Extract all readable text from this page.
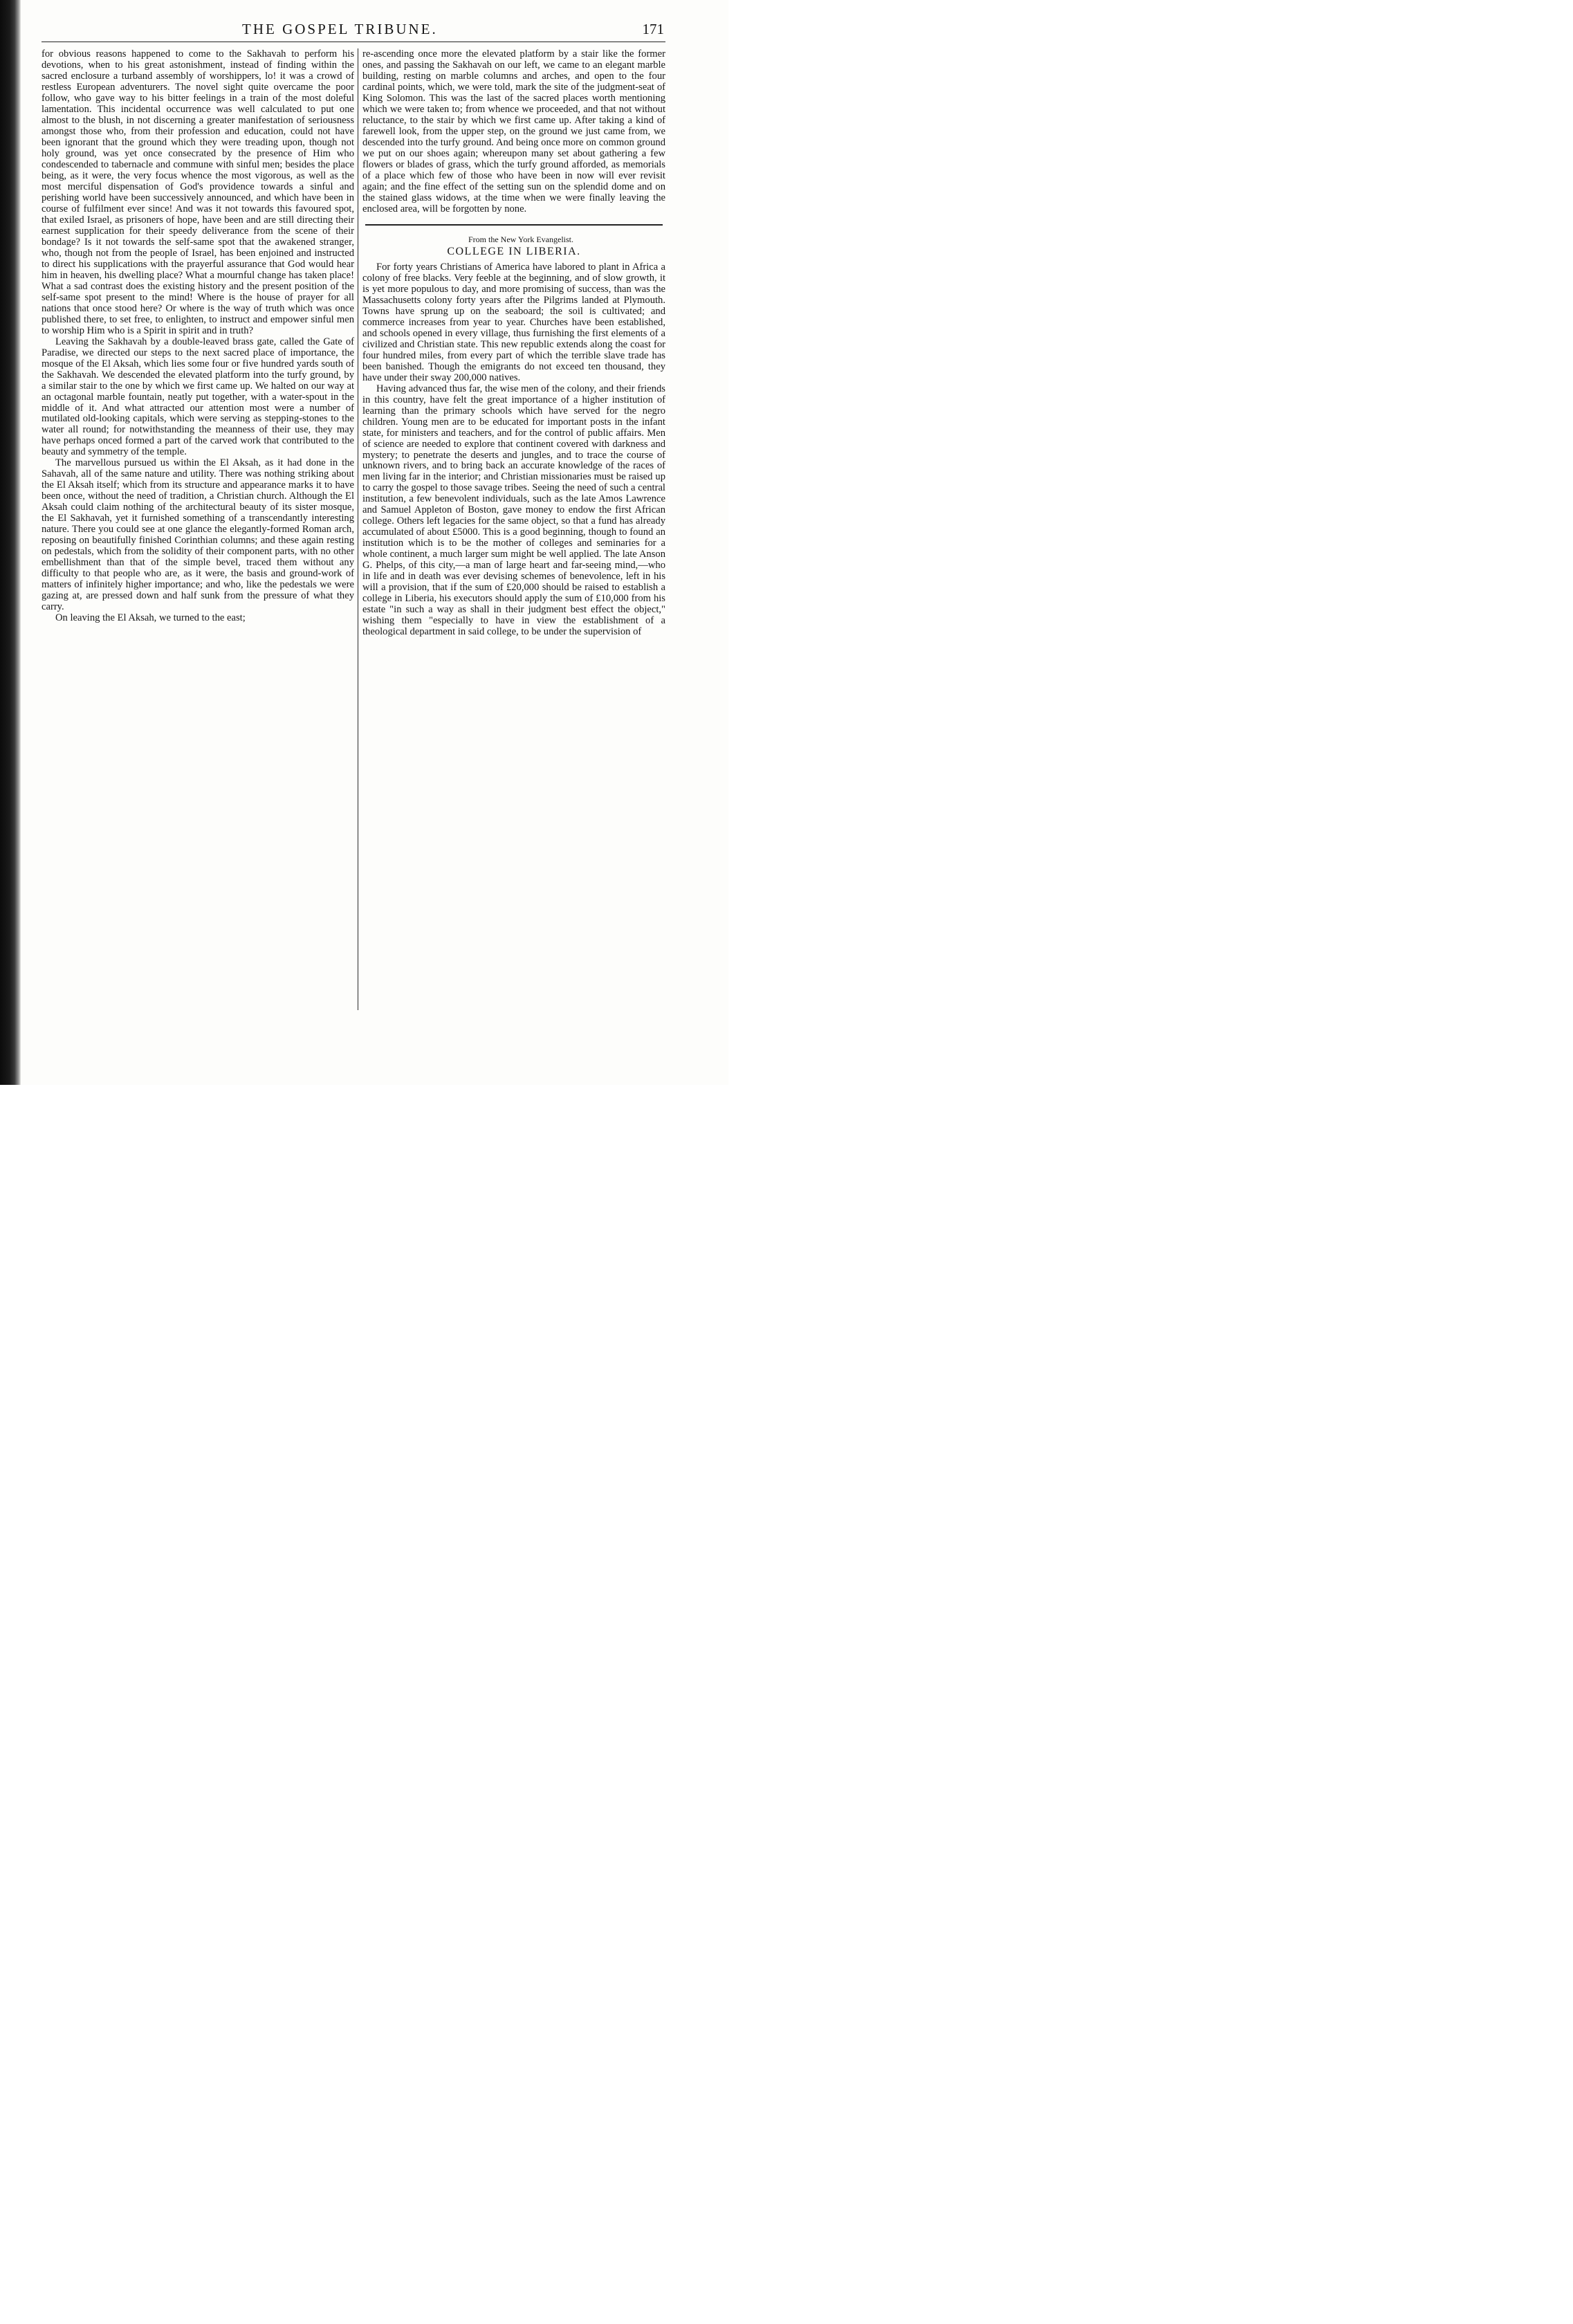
THE GOSPEL TRIBUNE.	171

for obvious reasons happened to come to the Sakhavah to perform his devotions, when to his great astonishment, instead of finding within the sacred enclosure a turband assembly of worshippers, lo! it was a crowd of restless European adventurers. The novel sight quite overcame the poor follow, who gave way to his bitter feelings in a train of the most doleful lamentation. This incidental occurrence was well calculated to put one almost to the blush, in not discerning a greater manifestation of seriousness amongst those who, from their profession and education, could not have been ignorant that the ground which they were treading upon, though not holy ground, was yet once consecrated by the presence of Him who condescended to tabernacle and commune with sinful men; besides the place being, as it were, the very focus whence the most vigorous, as well as the most merciful dispensation of God's providence towards a sinful and perishing world have been successively announced, and which have been in course of fulfilment ever since! And was it not towards this favoured spot, that exiled Israel, as prisoners of hope, have been and are still directing their earnest supplication for their speedy deliverance from the scene of their bondage? Is it not towards the self-same spot that the awakened stranger, who, though not from the people of Israel, has been enjoined and instructed to direct his supplications with the prayerful assurance that God would hear him in heaven, his dwelling place? What a mournful change has taken place! What a sad contrast does the existing history and the present position of the self-same spot present to the mind! Where is the house of prayer for all nations that once stood here? Or where is the way of truth which was once published there, to set free, to enlighten, to instruct and empower sinful men to worship Him who is a Spirit in spirit and in truth?

Leaving the Sakhavah by a double-leaved brass gate, called the Gate of Paradise, we directed our steps to the next sacred place of importance, the mosque of the El Aksah, which lies some four or five hundred yards south of the Sakhavah. We descended the elevated platform into the turfy ground, by a similar stair to the one by which we first came up. We halted on our way at an octagonal marble fountain, neatly put together, with a water-spout in the middle of it. And what attracted our attention most were a number of mutilated old-looking capitals, which were serving as stepping-stones to the water all round; for notwithstanding the meanness of their use, they may have perhaps onced formed a part of the carved work that contributed to the beauty and symmetry of the temple.

The marvellous pursued us within the El Aksah, as it had done in the Sahavah, all of the same nature and utility. There was nothing striking about the El Aksah itself; which from its structure and appearance marks it to have been once, without the need of tradition, a Christian church. Although the El Aksah could claim nothing of the architectural beauty of its sister mosque, the El Sakhavah, yet it furnished something of a transcendantly interesting nature. There you could see at one glance the elegantly-formed Roman arch, reposing on beautifully finished Corinthian columns; and these again resting on pedestals, which from the solidity of their component parts, with no other embellishment than that of the simple bevel, traced them without any difficulty to that people who are, as it were, the basis and ground-work of matters of infinitely higher importance; and who, like the pedestals we were gazing at, are pressed down and half sunk from the pressure of what they carry.

On leaving the El Aksah, we turned to the east;

re-ascending once more the elevated platform by a stair like the former ones, and passing the Sakhavah on our left, we came to an elegant marble building, resting on marble columns and arches, and open to the four cardinal points, which, we were told, mark the site of the judgment-seat of King Solomon. This was the last of the sacred places worth mentioning which we were taken to; from whence we proceeded, and that not without reluctance, to the stair by which we first came up. After taking a kind of farewell look, from the upper step, on the ground we just came from, we descended into the turfy ground. And being once more on common ground we put on our shoes again; whereupon many set about gathering a few flowers or blades of grass, which the turfy ground afforded, as memorials of a place which few of those who have been in now will ever revisit again; and the fine effect of the setting sun on the splendid dome and on the stained glass widows, at the time when we were finally leaving the enclosed area, will be forgotten by none.

From the New York Evangelist.

COLLEGE IN LIBERIA.

For forty years Christians of America have labored to plant in Africa a colony of free blacks. Very feeble at the beginning, and of slow growth, it is yet more populous to day, and more promising of success, than was the Massachusetts colony forty years after the Pilgrims landed at Plymouth. Towns have sprung up on the seaboard; the soil is cultivated; and commerce increases from year to year. Churches have been established, and schools opened in every village, thus furnishing the first elements of a civilized and Christian state. This new republic extends along the coast for four hundred miles, from every part of which the terrible slave trade has been banished. Though the emigrants do not exceed ten thousand, they have under their sway 200,000 natives.

Having advanced thus far, the wise men of the colony, and their friends in this country, have felt the great importance of a higher institution of learning than the primary schools which have served for the negro children. Young men are to be educated for important posts in the infant state, for ministers and teachers, and for the control of public affairs. Men of science are needed to explore that continent covered with darkness and mystery; to penetrate the deserts and jungles, and to trace the course of unknown rivers, and to bring back an accurate knowledge of the races of men living far in the interior; and Christian missionaries must be raised up to carry the gospel to those savage tribes. Seeing the need of such a central institution, a few benevolent individuals, such as the late Amos Lawrence and Samuel Appleton of Boston, gave money to endow the first African college. Others left legacies for the same object, so that a fund has already accumulated of about £5000. This is a good beginning, though to found an institution which is to be the mother of colleges and seminaries for a whole continent, a much larger sum might be well applied. The late Anson G. Phelps, of this city,—a man of large heart and far-seeing mind,—who in life and in death was ever devising schemes of benevolence, left in his will a provision, that if the sum of £20,000 should be raised to establish a college in Liberia, his executors should apply the sum of £10,000 from his estate "in such a way as shall in their judgment best effect the object," wishing them "especially to have in view the establishment of a theological department in said college, to be under the supervision of
